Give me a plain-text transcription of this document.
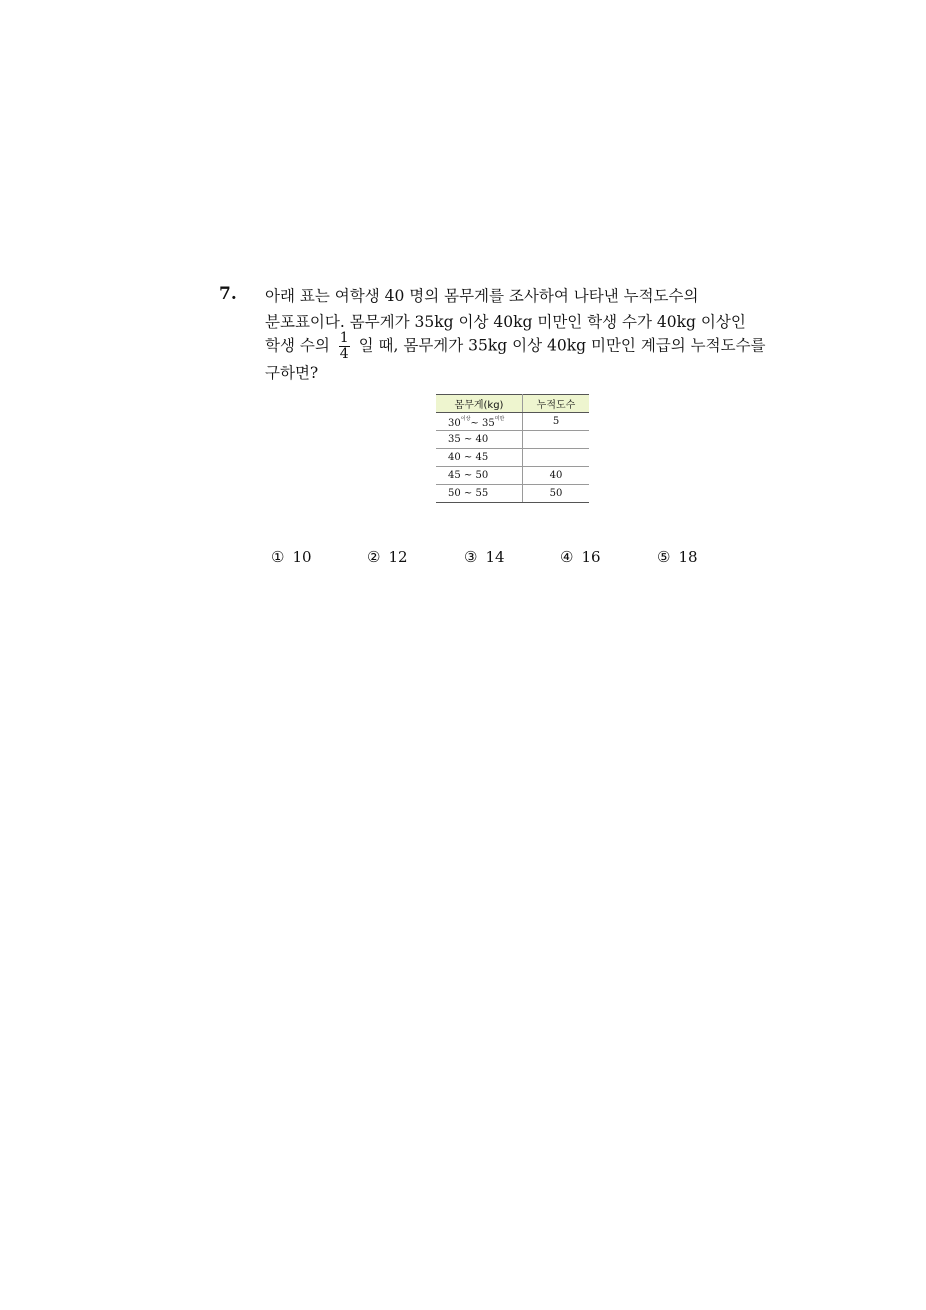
7. 아래 표는 여학생 40 명의 몸무게를 조사하여 나타낸 누적도수의
분포표이다. 몸무게가 35kg 이상 40kg 미만인 학생 수가 40kg 이상인
학생 수의 $\frac{1}{4}$ 일 때, 몸무게가 35kg 이상 40kg 미만인 계급의 누적도수를
구하면?
몸무게(kg)	누적도수
$30^{이상}\sim$ $35^{미만}$	5
35 ~ 40	
40 ~ 45	
45 ~ 50	40
50 ~ 55	50
① 10	② 12	③ 14	④ 16	⑤ 18
